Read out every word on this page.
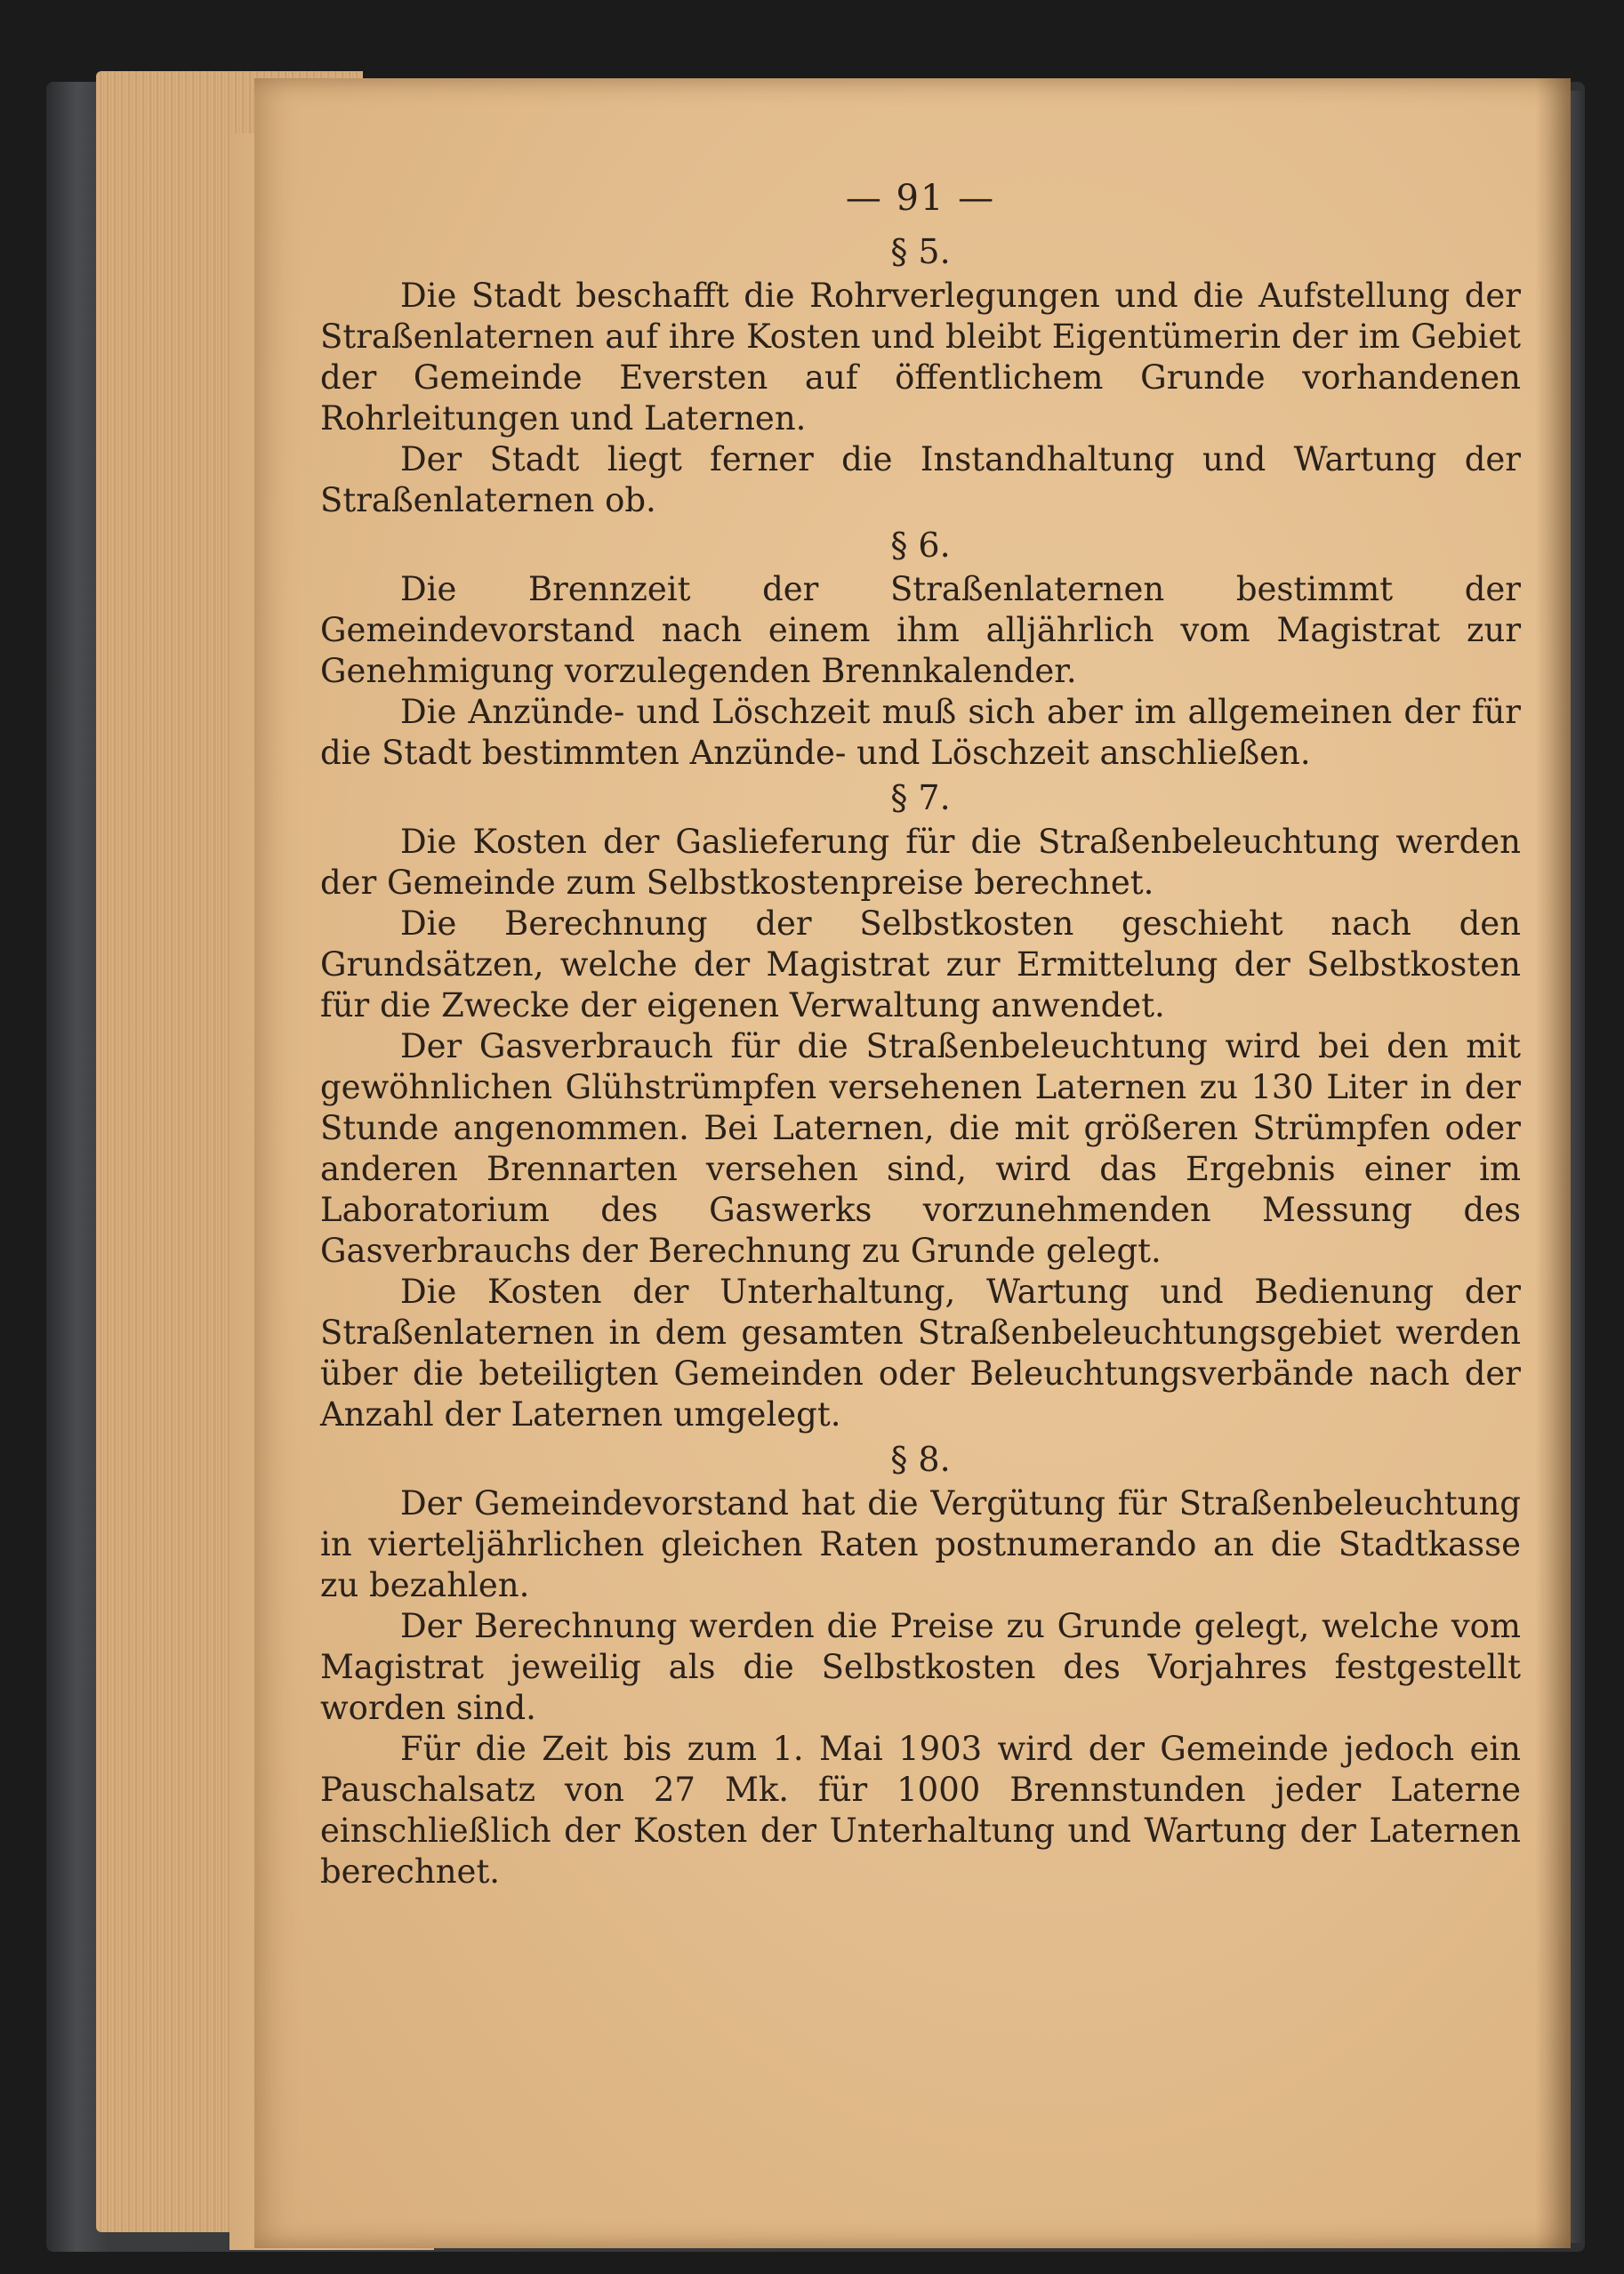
— 91 —
§ 5.

Die Stadt beschafft die Rohrverlegungen und die Aufstellung der Straßenlaternen auf ihre Kosten und bleibt Eigentümerin der im Gebiet der Gemeinde Eversten auf öffentlichem Grunde vorhandenen Rohrleitungen und Laternen.

Der Stadt liegt ferner die Instandhaltung und Wartung der Straßenlaternen ob.

§ 6.

Die Brennzeit der Straßenlaternen bestimmt der Gemeindevorstand nach einem ihm alljährlich vom Magistrat zur Genehmigung vorzulegenden Brennkalender.

Die Anzünde- und Löschzeit muß sich aber im allgemeinen der für die Stadt bestimmten Anzünde- und Löschzeit anschließen.

§ 7.

Die Kosten der Gaslieferung für die Straßenbeleuchtung werden der Gemeinde zum Selbstkostenpreise berechnet.

Die Berechnung der Selbstkosten geschieht nach den Grundsätzen, welche der Magistrat zur Ermittelung der Selbstkosten für die Zwecke der eigenen Verwaltung anwendet.

Der Gasverbrauch für die Straßenbeleuchtung wird bei den mit gewöhnlichen Glühstrümpfen versehenen Laternen zu 130 Liter in der Stunde angenommen. Bei Laternen, die mit größeren Strümpfen oder anderen Brennarten versehen sind, wird das Ergebnis einer im Laboratorium des Gaswerks vorzunehmenden Messung des Gasverbrauchs der Berechnung zu Grunde gelegt.

Die Kosten der Unterhaltung, Wartung und Bedienung der Straßenlaternen in dem gesamten Straßenbeleuchtungsgebiet werden über die beteiligten Gemeinden oder Beleuchtungsverbände nach der Anzahl der Laternen umgelegt.

§ 8.

Der Gemeindevorstand hat die Vergütung für Straßenbeleuchtung in vierteljährlichen gleichen Raten postnumerando an die Stadtkasse zu bezahlen.

Der Berechnung werden die Preise zu Grunde gelegt, welche vom Magistrat jeweilig als die Selbstkosten des Vorjahres festgestellt worden sind.

Für die Zeit bis zum 1. Mai 1903 wird der Gemeinde jedoch ein Pauschalsatz von 27 Mk. für 1000 Brennstunden jeder Laterne einschließlich der Kosten der Unterhaltung und Wartung der Laternen berechnet.
